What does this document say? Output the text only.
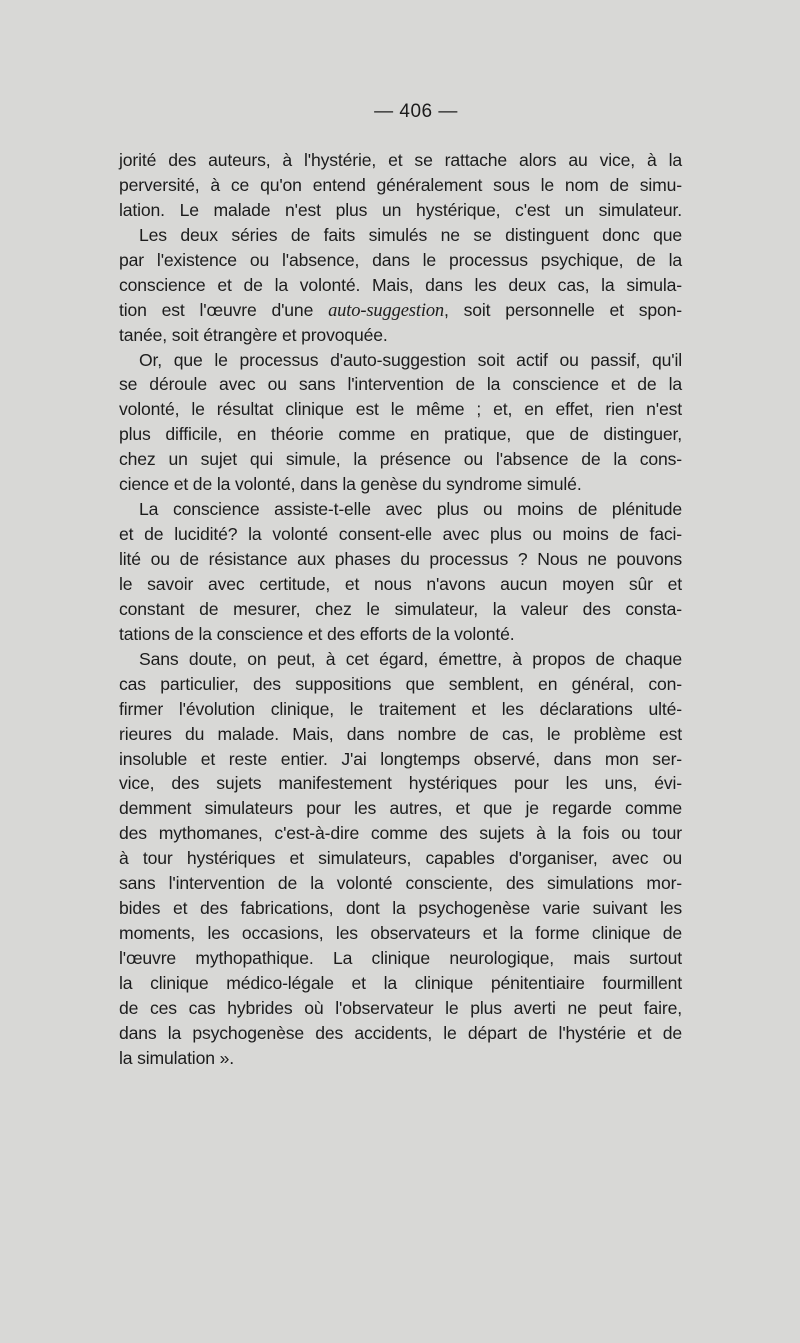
— 406 —
jorité des auteurs, à l'hystérie, et se rattache alors au vice, à la
perversité, à ce qu'on entend généralement sous le nom de simu-
lation. Le malade n'est plus un hystérique, c'est un simulateur.
Les deux séries de faits simulés ne se distinguent donc que
par l'existence ou l'absence, dans le processus psychique, de la
conscience et de la volonté. Mais, dans les deux cas, la simula-
tion est l'œuvre d'une auto-suggestion, soit personnelle et spon-
tanée, soit étrangère et provoquée.
Or, que le processus d'auto-suggestion soit actif ou passif, qu'il
se déroule avec ou sans l'intervention de la conscience et de la
volonté, le résultat clinique est le même ; et, en effet, rien n'est
plus difficile, en théorie comme en pratique, que de distinguer,
chez un sujet qui simule, la présence ou l'absence de la cons-
cience et de la volonté, dans la genèse du syndrome simulé.
La conscience assiste-t-elle avec plus ou moins de plénitude
et de lucidité? la volonté consent-elle avec plus ou moins de faci-
lité ou de résistance aux phases du processus ? Nous ne pouvons
le savoir avec certitude, et nous n'avons aucun moyen sûr et
constant de mesurer, chez le simulateur, la valeur des consta-
tations de la conscience et des efforts de la volonté.
Sans doute, on peut, à cet égard, émettre, à propos de chaque
cas particulier, des suppositions que semblent, en général, con-
firmer l'évolution clinique, le traitement et les déclarations ulté-
rieures du malade. Mais, dans nombre de cas, le problème est
insoluble et reste entier. J'ai longtemps observé, dans mon ser-
vice, des sujets manifestement hystériques pour les uns, évi-
demment simulateurs pour les autres, et que je regarde comme
des mythomanes, c'est-à-dire comme des sujets à la fois ou tour
à tour hystériques et simulateurs, capables d'organiser, avec ou
sans l'intervention de la volonté consciente, des simulations mor-
bides et des fabrications, dont la psychogenèse varie suivant les
moments, les occasions, les observateurs et la forme clinique de
l'œuvre mythopathique. La clinique neurologique, mais surtout
la clinique médico-légale et la clinique pénitentiaire fourmillent
de ces cas hybrides où l'observateur le plus averti ne peut faire,
dans la psychogenèse des accidents, le départ de l'hystérie et de
la simulation ».
